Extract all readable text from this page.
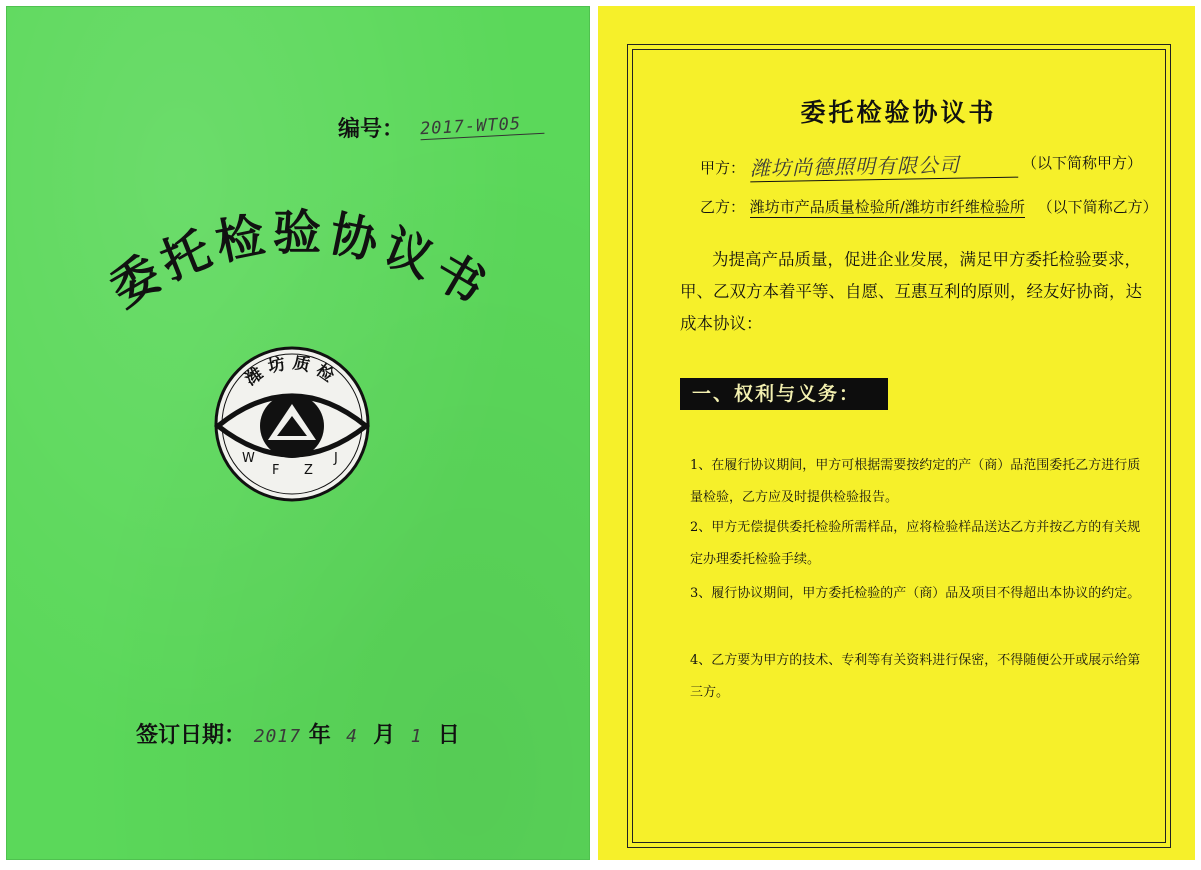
编号： 2017-WT05
委托检验协议书
潍坊质检
W
F Z
J
签订日期： 2017 年 4 月 1 日
委托检验协议书
甲方： 潍坊尚德照明有限公司	（以下简称甲方）
乙方： 潍坊市产品质量检验所/潍坊市纤维检验所 （以下简称乙方）
为提高产品质量，促进企业发展，满足甲方委托检验要求，甲、乙双方本着平等、自愿、互惠互利的原则，经友好协商，达成本协议：
一、权利与义务：
1、在履行协议期间，甲方可根据需要按约定的产（商）品范围委托乙方进行质量检验，乙方应及时提供检验报告。
2、甲方无偿提供委托检验所需样品，应将检验样品送达乙方并按乙方的有关规定办理委托检验手续。
3、履行协议期间，甲方委托检验的产（商）品及项目不得超出本协议的约定。
4、乙方要为甲方的技术、专利等有关资料进行保密，不得随便公开或展示给第三方。
